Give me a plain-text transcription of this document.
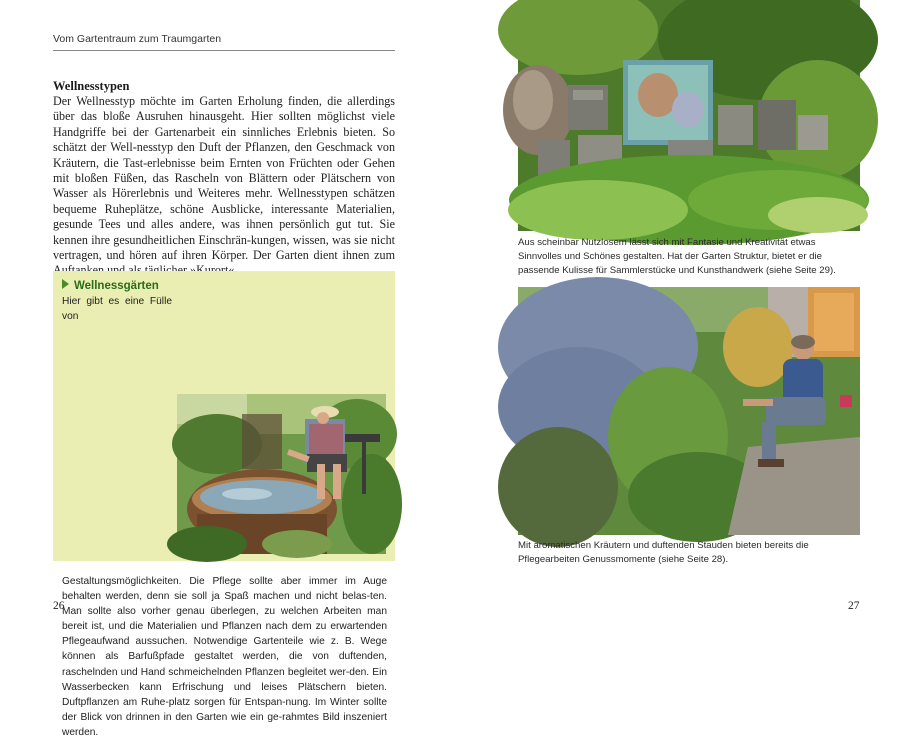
Vom Gartentraum zum Traumgarten
Wellnesstypen
Der Wellnesstyp möchte im Garten Erholung finden, die allerdings über das bloße Ausruhen hinausgeht. Hier sollten möglichst viele Handgriffe bei der Gartenarbeit ein sinnliches Erlebnis bieten. So schätzt der Well-nesstyp den Duft der Pflanzen, den Geschmack von Kräutern, die Tast-erlebnisse beim Ernten von Früchten oder Gehen mit bloßen Füßen, das Rascheln von Blättern oder Plätschern von Wasser als Hörerlebnis und Weiteres mehr. Wellnesstypen schätzen bequeme Ruheplätze, schöne Ausblicke, interessante Materialien, gesunde Tees und alles andere, was ihnen persönlich gut tut. Sie kennen ihre gesundheitlichen Einschrän-kungen, wissen, was sie nicht vertragen, und hören auf ihren Körper. Der Garten dient ihnen zum
Wellnessgärten
Hier gibt es eine Fülle von Gestaltungsmöglichkeiten. Die Pflege sollte aber immer im Auge behalten werden, denn sie soll ja Spaß machen und nicht belas-ten. Man sollte also vorher genau überlegen, zu welchen Arbeiten man bereit ist, und die Materialien und Pflanzen nach dem zu erwartenden Pflegeaufwand aussuchen. Notwendige Gartenteile wie z. B. Wege können als Barfußpfade gestaltet werden, die von duftenden, raschelnden und Hand schmeichelnden Pflanzen begleitet wer-den. Ein Wasserbecken kann Erfrischung und leises Plätschern bieten. Duftpflanzen am Ruhe-platz sorgen für Entspan-nung. Im Winter sollte der Blick von drinnen in den Garten wie ein ge-rahmtes Bild inszeniert werden.
26
Aus scheinbar Nutzlosem lässt sich mit Fantasie und Kreativität etwas Sinnvolles und Schönes gestalten. Hat der Garten Struktur, bietet er die passende Kulisse für Sammlerstücke und Kunsthandwerk (siehe Seite 29).
Mit aromatischen Kräutern und duftenden Stauden bieten bereits die Pflegearbeiten Genussmomente (siehe Seite 28).
27
